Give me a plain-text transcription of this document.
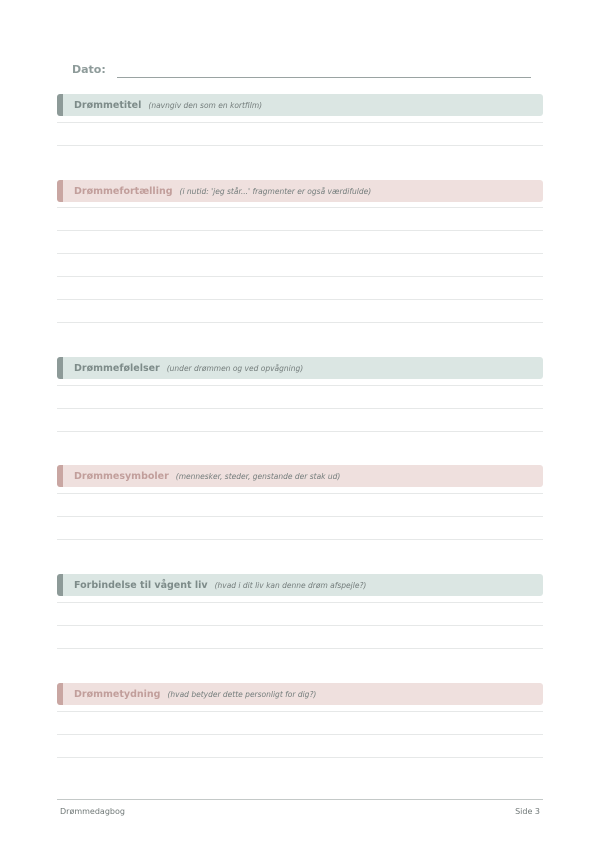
Dato:
Drømmetitel (navngiv den som en kortfilm)
Drømmefortælling (i nutid: 'jeg står...' fragmenter er også værdifulde)
Drømmefølelser (under drømmen og ved opvågning)
Drømmesymboler (mennesker, steder, genstande der stak ud)
Forbindelse til vågent liv (hvad i dit liv kan denne drøm afspejle?)
Drømmetydning (hvad betyder dette personligt for dig?)
Drømmedagbog	Side 3
